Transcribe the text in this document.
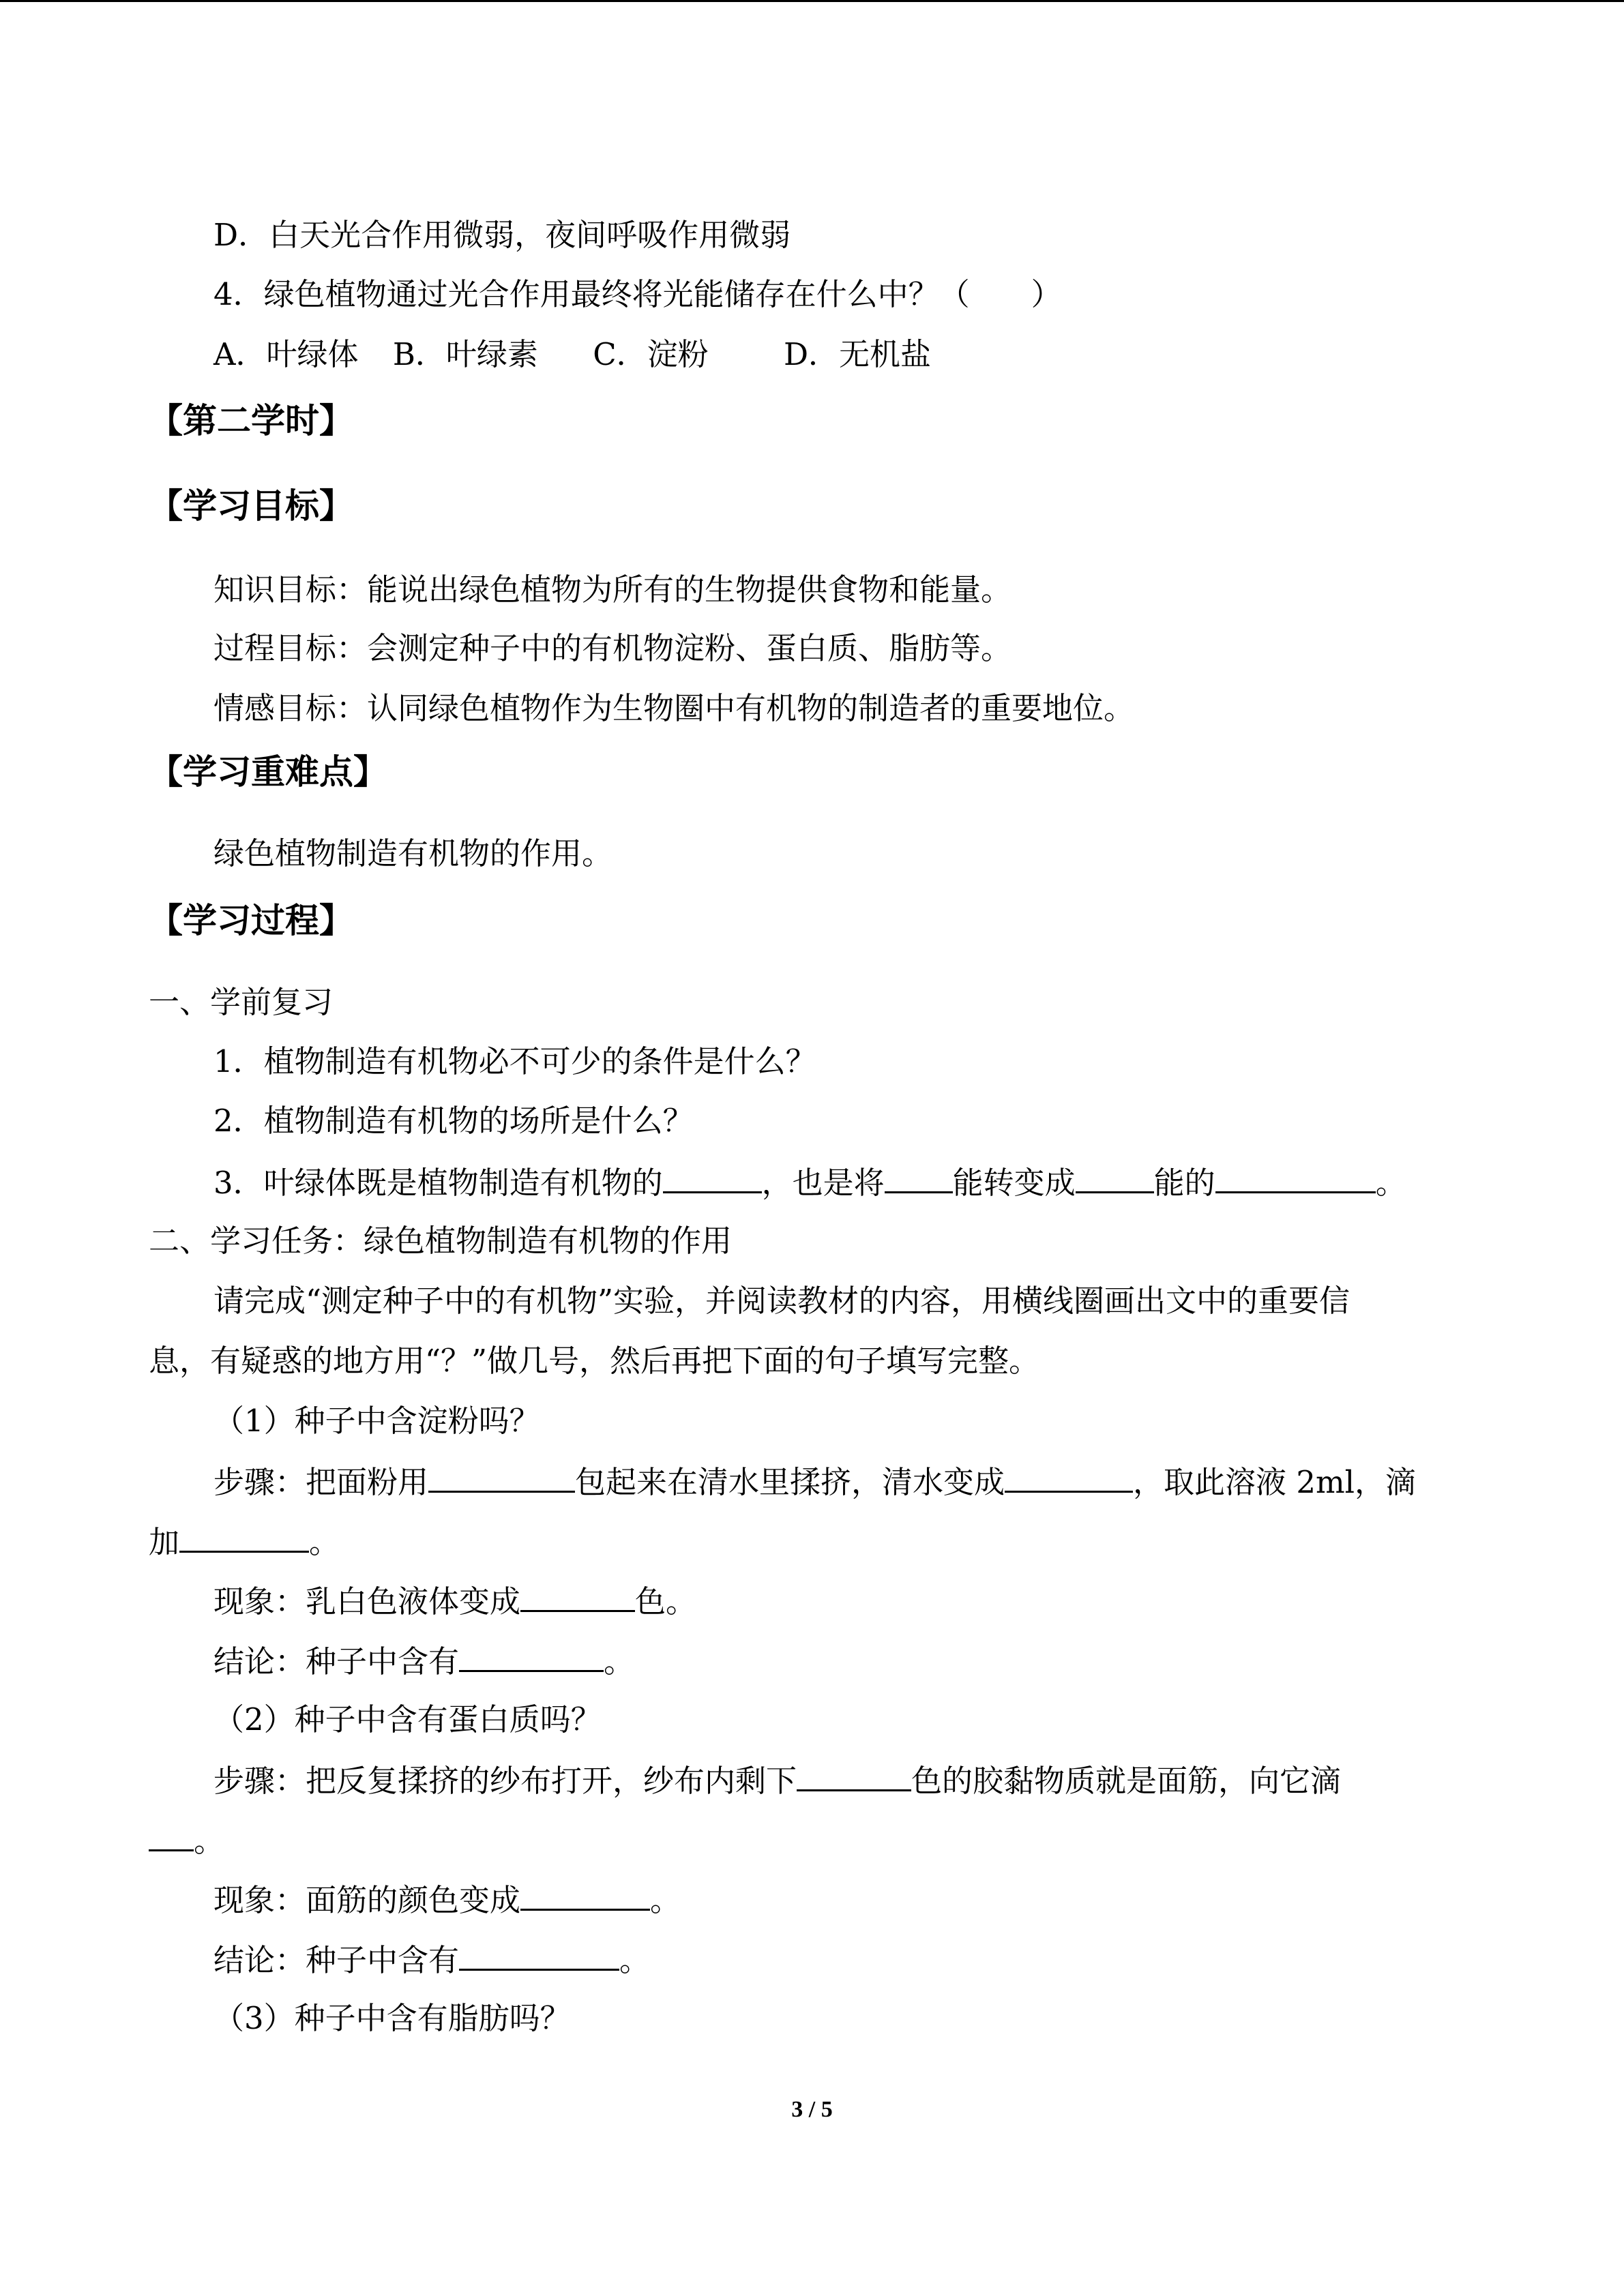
D．白天光合作用微弱，夜间呼吸作用微弱
4．绿色植物通过光合作用最终将光能储存在什么中？（　　）
A．叶绿体 B．叶绿素 C．淀粉 D．无机盐
【第二学时】
【学习目标】
知识目标：能说出绿色植物为所有的生物提供食物和能量。
过程目标：会测定种子中的有机物淀粉、蛋白质、脂肪等。
情感目标：认同绿色植物作为生物圈中有机物的制造者的重要地位。
【学习重难点】
绿色植物制造有机物的作用。
【学习过程】
一、学前复习
1．植物制造有机物必不可少的条件是什么？
2．植物制造有机物的场所是什么？
3．叶绿体既是植物制造有机物的	，也是将 能转变成	能的	。
二、学习任务：绿色植物制造有机物的作用
请完成“测定种子中的有机物”实验，并阅读教材的内容，用横线圈画出文中的重要信
息，有疑惑的地方用“？”做几号，然后再把下面的句子填写完整。
（1）种子中含淀粉吗？
步骤：把面粉用	包起来在清水里揉挤，清水变成	，取此溶液 2ml，滴
加	。
现象：乳白色液体变成	色。
结论：种子中含有	。
（2）种子中含有蛋白质吗？
步骤：把反复揉挤的纱布打开，纱布内剩下	色的胶黏物质就是面筋，向它滴
。
现象：面筋的颜色变成	。
结论：种子中含有	。
（3）种子中含有脂肪吗？
3 / 5
